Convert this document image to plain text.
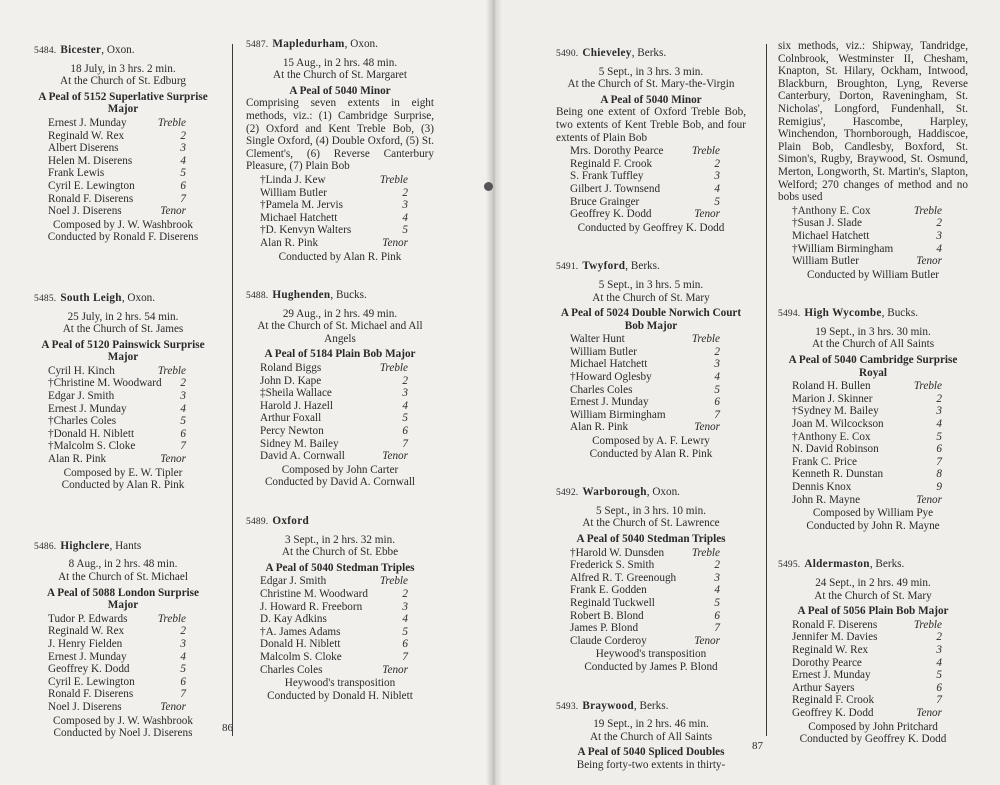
5484. Bicester, Oxon.
18 July, in 3 hrs. 2 min.
At the Church of St. Edburg
A Peal of 5152 Superlative Surprise Major
Ernest J. Munday	Treble
Reginald W. Rex	2
Albert Diserens	3
Helen M. Diserens	4
Frank Lewis	5
Cyril E. Lewington	6
Ronald F. Diserens	7
Noel J. Diserens	Tenor
Composed by J. W. Washbrook
Conducted by Ronald F. Diserens
5485. South Leigh, Oxon.
25 July, in 2 hrs. 54 min.
At the Church of St. James
A Peal of 5120 Painswick Surprise Major
Cyril H. Kinch	Treble
†Christine M. Woodward 2
Edgar J. Smith	3
Ernest J. Munday	4
†Charles Coles	5
†Donald H. Niblett	6
†Malcolm S. Cloke	7
Alan R. Pink	Tenor
Composed by E. W. Tipler
Conducted by Alan R. Pink
5486. Highclere, Hants
8 Aug., in 2 hrs. 48 min.
At the Church of St. Michael
A Peal of 5088 London Surprise Major
Tudor P. Edwards	Treble
Reginald W. Rex	2
J. Henry Fielden	3
Ernest J. Munday	4
Geoffrey K. Dodd	5
Cyril E. Lewington	6
Ronald F. Diserens	7
Noel J. Diserens	Tenor
Composed by J. W. Washbrook
Conducted by Noel J. Diserens
5487. Mapledurham, Oxon.
15 Aug., in 2 hrs. 48 min.
At the Church of St. Margaret
A Peal of 5040 Minor
Comprising seven extents in eight methods, viz.: (1) Cambridge Surprise, (2) Oxford and Kent Treble Bob, (3) Single Oxford, (4) Double Oxford, (5) St. Clement's, (6) Reverse Canterbury Pleasure, (7) Plain Bob
†Linda J. Kew	Treble
William Butler	2
†Pamela M. Jervis	3
Michael Hatchett	4
†D. Kenvyn Walters	5
Alan R. Pink	Tenor
Conducted by Alan R. Pink
5488. Hughenden, Bucks.
29 Aug., in 2 hrs. 49 min.
At the Church of St. Michael and All Angels
A Peal of 5184 Plain Bob Major
Roland Biggs	Treble
John D. Kape	2
‡Sheila Wallace	3
Harold J. Hazell	4
Arthur Foxall	5
Percy Newton	6
Sidney M. Bailey	7
David A. Cornwall	Tenor
Composed by John Carter
Conducted by David A. Cornwall
5489. Oxford
3 Sept., in 2 hrs. 32 min.
At the Church of St. Ebbe
A Peal of 5040 Stedman Triples
Edgar J. Smith	Treble
Christine M. Woodward	2
J. Howard R. Freeborn	3
D. Kay Adkins	4
†A. James Adams	5
Donald H. Niblett	6
Malcolm S. Cloke	7
Charles Coles	Tenor
Heywood's transposition
Conducted by Donald H. Niblett
5490. Chieveley, Berks.
5 Sept., in 3 hrs. 3 min.
At the Church of St. Mary-the-Virgin
A Peal of 5040 Minor
Being one extent of Oxford Treble Bob, two extents of Kent Treble Bob, and four extents of Plain Bob
Mrs. Dorothy Pearce	Treble
Reginald F. Crook	2
S. Frank Tuffley	3
Gilbert J. Townsend	4
Bruce Grainger	5
Geoffrey K. Dodd	Tenor
Conducted by Geoffrey K. Dodd
5491. Twyford, Berks.
5 Sept., in 3 hrs. 5 min.
At the Church of St. Mary
A Peal of 5024 Double Norwich Court Bob Major
Walter Hunt	Treble
William Butler	2
Michael Hatchett	3
†Howard Oglesby	4
Charles Coles	5
Ernest J. Munday	6
William Birmingham	7
Alan R. Pink	Tenor
Composed by A. F. Lewry
Conducted by Alan R. Pink
5492. Warborough, Oxon.
5 Sept., in 3 hrs. 10 min.
At the Church of St. Lawrence
A Peal of 5040 Stedman Triples
†Harold W. Dunsden Treble
Frederick S. Smith	2
Alfred R. T. Greenough	3
Frank E. Godden	4
Reginald Tuckwell	5
Robert B. Blond	6
James P. Blond	7
Claude Corderoy	Tenor
Heywood's transposition
Conducted by James P. Blond
5493. Braywood, Berks.
19 Sept., in 2 hrs. 46 min.
At the Church of All Saints
A Peal of 5040 Spliced Doubles
Being forty-two extents in thirty-
six methods, viz.: Shipway, Tandridge, Colnbrook, Westminster II, Chesham, Knapton, St. Hilary, Ockham, Intwood, Blackburn, Broughton, Lyng, Reverse Canterbury, Dorton, Raveningham, St. Nicholas', Longford, Fundenhall, St. Remigius', Hascombe, Harpley, Winchendon, Thornborough, Haddiscoe, Plain Bob, Candlesby, Boxford, St. Simon's, Rugby, Braywood, St. Osmund, Merton, Longworth, St. Martin's, Slapton, Welford; 270 changes of method and no bobs used
†Anthony E. Cox	Treble
†Susan J. Slade	2
Michael Hatchett	3
†William Birmingham	4
William Butler	Tenor
Conducted by William Butler
5494. High Wycombe, Bucks.
19 Sept., in 3 hrs. 30 min.
At the Church of All Saints
A Peal of 5040 Cambridge Surprise Royal
Roland H. Bullen	Treble
Marion J. Skinner	2
†Sydney M. Bailey	3
Joan M. Wilcockson	4
†Anthony E. Cox	5
N. David Robinson	6
Frank C. Price	7
Kenneth R. Dunstan	8
Dennis Knox	9
John R. Mayne	Tenor
Composed by William Pye
Conducted by John R. Mayne
5495. Aldermaston, Berks.
24 Sept., in 2 hrs. 49 min.
At the Church of St. Mary
A Peal of 5056 Plain Bob Major
Ronald F. Diserens	Treble
Jennifer M. Davies	2
Reginald W. Rex	3
Dorothy Pearce	4
Ernest J. Munday	5
Arthur Sayers	6
Reginald F. Crook	7
Geoffrey K. Dodd	Tenor
Composed by John Pritchard
Conducted by Geoffrey K. Dodd
86
87
